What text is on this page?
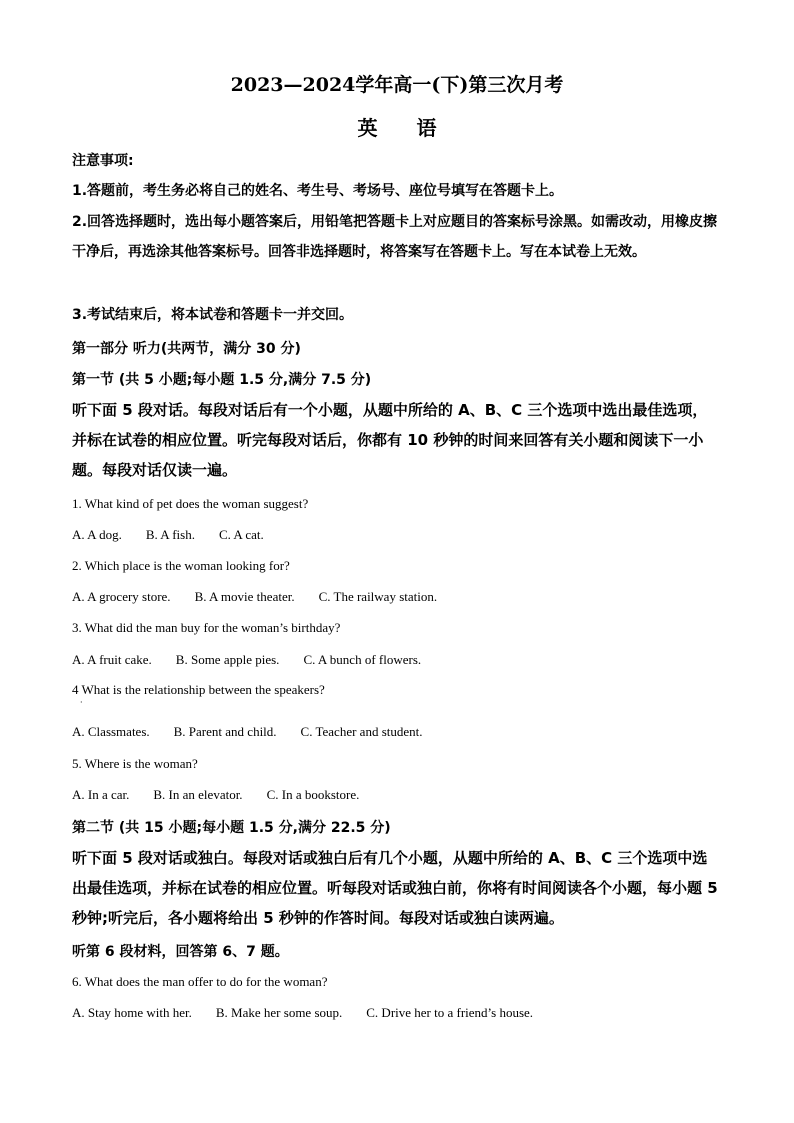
2023—2024学年高一(下)第三次月考
英 语
注意事项:
1.答题前，考生务必将自己的姓名、考生号、考场号、座位号填写在答题卡上。
2.回答选择题时，选出每小题答案后，用铅笔把答题卡上对应题目的答案标号涂黑。如需改动，用橡皮擦干净后，再选涂其他答案标号。回答非选择题时，将答案写在答题卡上。写在本试卷上无效。
3.考试结束后，将本试卷和答题卡一并交回。
第一部分 听力(共两节，满分 30 分)
第一节 (共 5 小题;每小题 1.5 分,满分 7.5 分)
听下面 5 段对话。每段对话后有一个小题，从题中所给的 A、B、C 三个选项中选出最佳选项，并标在试卷的相应位置。听完每段对话后，你都有 10 秒钟的时间来回答有关小题和阅读下一小题。每段对话仅读一遍。
1. What kind of pet does the woman suggest?
A. A dog. B. A fish. C. A cat.
2. Which place is the woman looking for?
A. A grocery store. B. A movie theater. C. The railway station.
3. What did the man buy for the woman’s birthday?
A. A fruit cake. B. Some apple pies. C. A bunch of flowers.
4 What is the relationship between the speakers?
·
A. Classmates. B. Parent and child. C. Teacher and student.
5. Where is the woman?
A. In a car. B. In an elevator. C. In a bookstore.
第二节 (共 15 小题;每小题 1.5 分,满分 22.5 分)
听下面 5 段对话或独白。每段对话或独白后有几个小题，从题中所给的 A、B、C 三个选项中选出最佳选项，并标在试卷的相应位置。听每段对话或独白前，你将有时间阅读各个小题，每小题 5 秒钟;听完后，各小题将给出 5 秒钟的作答时间。每段对话或独白读两遍。
听第 6 段材料，回答第 6、7 题。
6. What does the man offer to do for the woman?
A. Stay home with her. B. Make her some soup. C. Drive her to a friend’s house.
